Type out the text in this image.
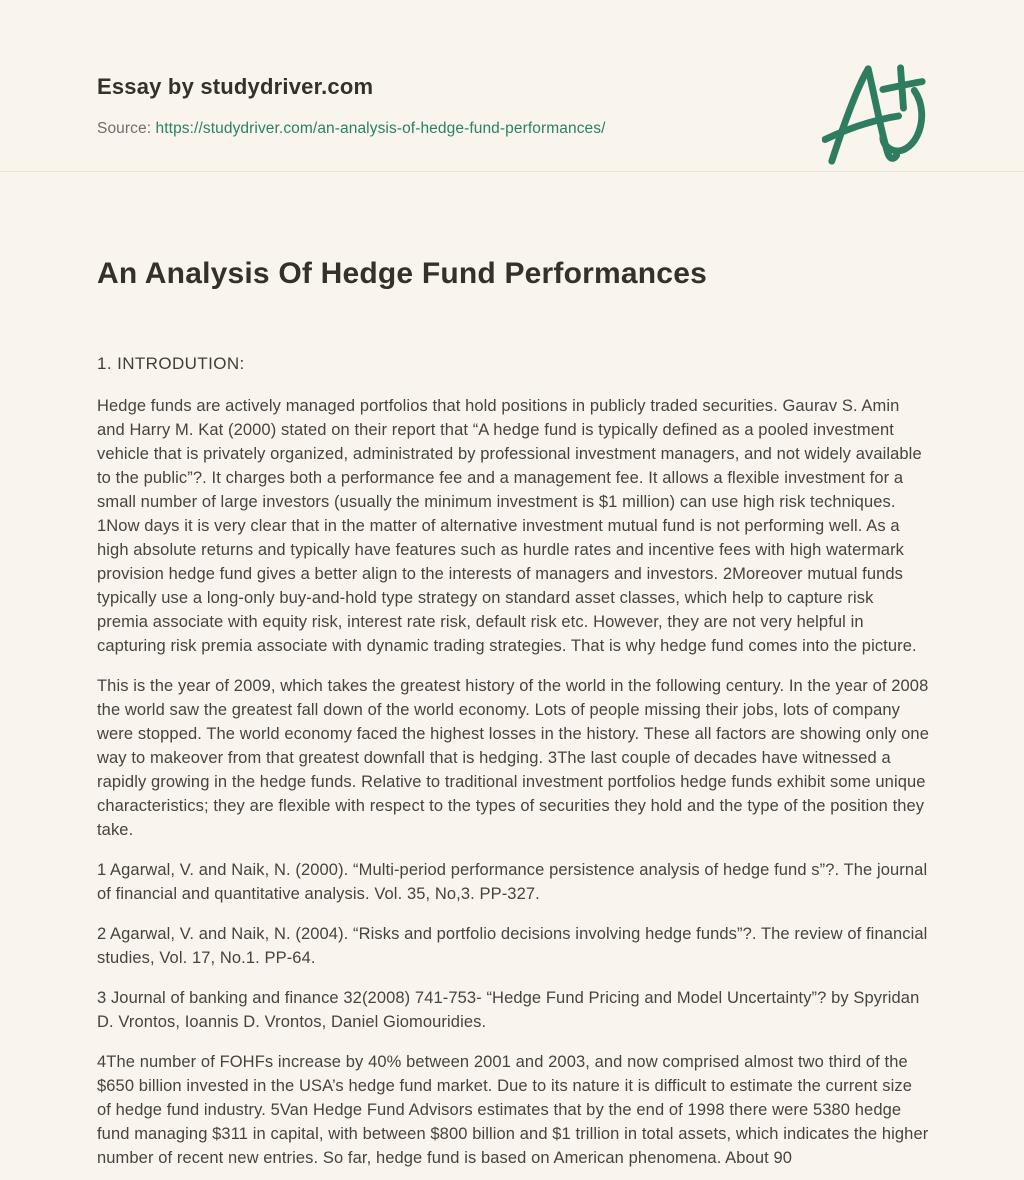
Essay by studydriver.com
Source: https://studydriver.com/an-analysis-of-hedge-fund-performances/
An Analysis Of Hedge Fund Performances
1. INTRODUTION:

Hedge funds are actively managed portfolios that hold positions in publicly traded securities. Gaurav S. Amin and Harry M. Kat (2000) stated on their report that “A hedge fund is typically defined as a pooled investment vehicle that is privately organized, administrated by professional investment managers, and not widely available to the public”?. It charges both a performance fee and a management fee. It allows a flexible investment for a small number of large investors (usually the minimum investment is $1 million) can use high risk techniques. 1Now days it is very clear that in the matter of alternative investment mutual fund is not performing well. As a high absolute returns and typically have features such as hurdle rates and incentive fees with high watermark provision hedge fund gives a better align to the interests of managers and investors. 2Moreover mutual funds typically use a long-only buy-and-hold type strategy on standard asset classes, which help to capture risk premia associate with equity risk, interest rate risk, default risk etc. However, they are not very helpful in capturing risk premia associate with dynamic trading strategies. That is why hedge fund comes into the picture.

This is the year of 2009, which takes the greatest history of the world in the following century. In the year of 2008 the world saw the greatest fall down of the world economy. Lots of people missing their jobs, lots of company were stopped. The world economy faced the highest losses in the history. These all factors are showing only one way to makeover from that greatest downfall that is hedging. 3The last couple of decades have witnessed a rapidly growing in the hedge funds. Relative to traditional investment portfolios hedge funds exhibit some unique characteristics; they are flexible with respect to the types of securities they hold and the type of the position they take.

1 Agarwal, V. and Naik, N. (2000). “Multi-period performance persistence analysis of hedge fund s”?. The journal of financial and quantitative analysis. Vol. 35, No,3. PP-327.

2 Agarwal, V. and Naik, N. (2004). “Risks and portfolio decisions involving hedge funds”?. The review of financial studies, Vol. 17, No.1. PP-64.

3 Journal of banking and finance 32(2008) 741-753- “Hedge Fund Pricing and Model Uncertainty”? by Spyridan D. Vrontos, Ioannis D. Vrontos, Daniel Giomouridies.

4The number of FOHFs increase by 40% between 2001 and 2003, and now comprised almost two third of the $650 billion invested in the USA’s hedge fund market. Due to its nature it is difficult to estimate the current size of hedge fund industry. 5Van Hedge Fund Advisors estimates that by the end of 1998 there were 5380 hedge fund managing $311 in capital, with between $800 billion and $1 trillion in total assets, which indicates the higher number of recent new entries. So far, hedge fund is based on American phenomena. About 90
